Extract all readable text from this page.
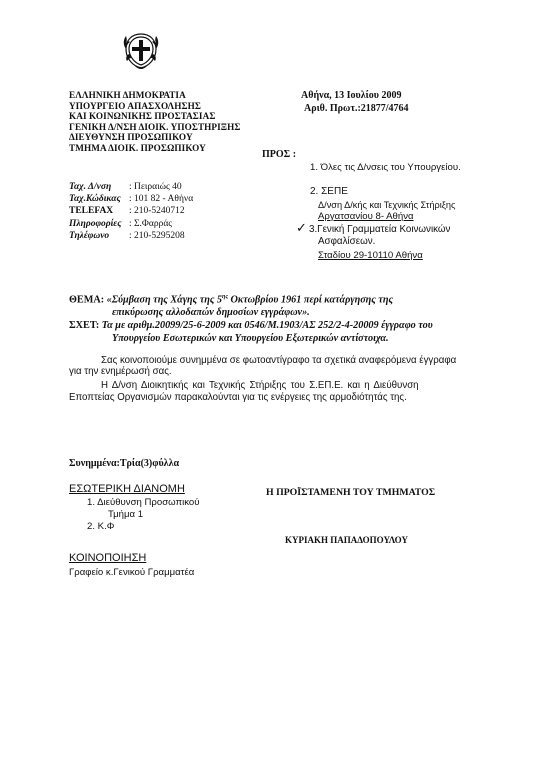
ΕΛΛΗΝΙΚΗ ΔΗΜΟΚΡΑΤΙΑ
ΥΠΟΥΡΓΕΙΟ ΑΠΑΣΧΟΛΗΣΗΣ
ΚΑΙ ΚΟΙΝΩΝΙΚΗΣ ΠΡΟΣΤΑΣΙΑΣ
ΓΕΝΙΚΗ Δ/ΝΣΗ ΔΙΟΙΚ. ΥΠΟΣΤΗΡΙΞΗΣ
ΔΙΕΥΘΥΝΣΗ ΠΡΟΣΩΠΙΚΟΥ
ΤΜΗΜΑ ΔΙΟΙΚ. ΠΡΟΣΩΠΙΚΟΥ
Αθήνα, 13 Ιουλίου 2009
Αριθ. Πρωτ.:21877/4764
Ταχ. Δ/νση : Πειραιώς 40
Ταχ.Κώδικας : 101 82 - Αθήνα
TELEFAX : 210-5240712
Πληροφορίες : Σ.Φαρράς
Τηλέφωνο : 210-5295208
ΠΡΟΣ :
1. Όλες τις Δ/νσεις του Υπουργείου.
2. ΣΕΠΕ
Δ/νση Δ/κής και Τεχνικής Στήριξης
Αργατσανίου 8- Αθήνα
✓ 3.Γενική Γραμματεία Κοινωνικών
Ασφαλίσεων.
Σταδίου 29-10110 Αθήνα
ΘΕΜΑ: «Σύμβαση της Χάγης της $5^{\eta\varsigma}$ Οκτωβρίου 1961 περί κατάργησης της
επικύρωσης αλλοδαπών δημοσίων εγγράφων».
ΣΧΕΤ: Τα με αριθμ.20099/25-6-2009 και 0546/Μ.1903/ΑΣ 252/2-4-20009 έγγραφο του
Υπουργείου Εσωτερικών και Υπουργείου Εξωτερικών αντίστοιχα.
Σας κοινοποιούμε συνημμένα σε φωτοαντίγραφο τα σχετικά αναφερόμενα έγγραφα
για την ενημέρωσή σας.
Η Δ/νση Διοικητικής και Τεχνικής Στήριξης του Σ.ΕΠ.Ε. και η Διεύθυνση
Εποπτείας Οργανισμών παρακαλούνται για τις ενέργειες της αρμοδιότητάς της.
Συνημμένα:Τρία(3)φύλλα
ΕΣΩΤΕΡΙΚΗ ΔΙΑΝΟΜΗ
1. Διεύθυνση Προσωπικού
Τμήμα 1
2. Κ.Φ
Η ΠΡΟΪΣΤΑΜΕΝΗ ΤΟΥ ΤΜΗΜΑΤΟΣ
ΚΥΡΙΑΚΗ ΠΑΠΑΔΟΠΟΥΛΟΥ
ΚΟΙΝΟΠΟΙΗΣΗ
Γραφείο κ.Γενικού Γραμματέα
